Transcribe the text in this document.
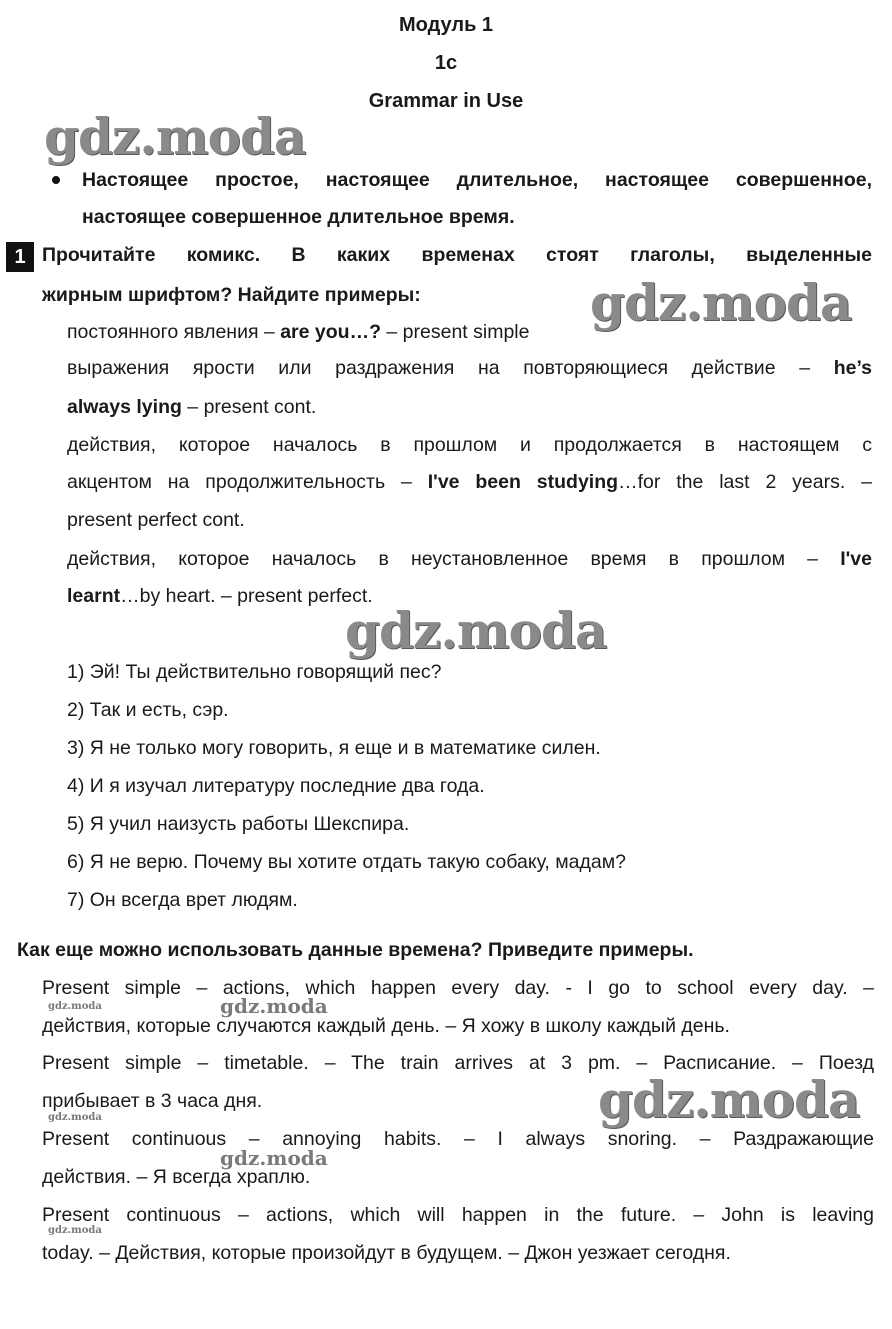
Модуль 1
1c
Grammar in Use
Настоящее простое, настоящее длительное, настоящее совершенное,
настоящее совершенное длительное время.
1 Прочитайте комикс. В каких временах стоят глаголы, выделенные
жирным шрифтом? Найдите примеры:
постоянного явления – are you…? – present simple
выражения ярости или раздражения на повторяющиеся действие – he’s
always lying – present cont.
действия, которое началось в прошлом и продолжается в настоящем с
акцентом на продолжительность – I've been studying…for the last 2 years. –
present perfect cont.
действия, которое началось в неустановленное время в прошлом – I've
learnt…by heart. – present perfect.
1) Эй! Ты действительно говорящий пес?
2) Так и есть, сэр.
3) Я не только могу говорить, я еще и в математике силен.
4) И я изучал литературу последние два года.
5) Я учил наизусть работы Шекспира.
6) Я не верю. Почему вы хотите отдать такую собаку, мадам?
7) Он всегда врет людям.
Как еще можно использовать данные времена? Приведите примеры.
Present simple – actions, which happen every day. - I go to school every day. –
действия, которые случаются каждый день. – Я хожу в школу каждый день.
Present simple – timetable. – The train arrives at 3 pm. – Расписание. – Поезд
прибывает в 3 часа дня.
Present continuous – annoying habits. – I always snoring. – Раздражающие
действия. – Я всегда храплю.
Present continuous – actions, which will happen in the future. – John is leaving
today. – Действия, которые произойдут в будущем. – Джон уезжает сегодня.
gdz.moda
gdz.moda
gdz.moda
gdz.moda
gdz.moda
gdz.moda
gdz.moda
gdz.moda
gdz.moda
